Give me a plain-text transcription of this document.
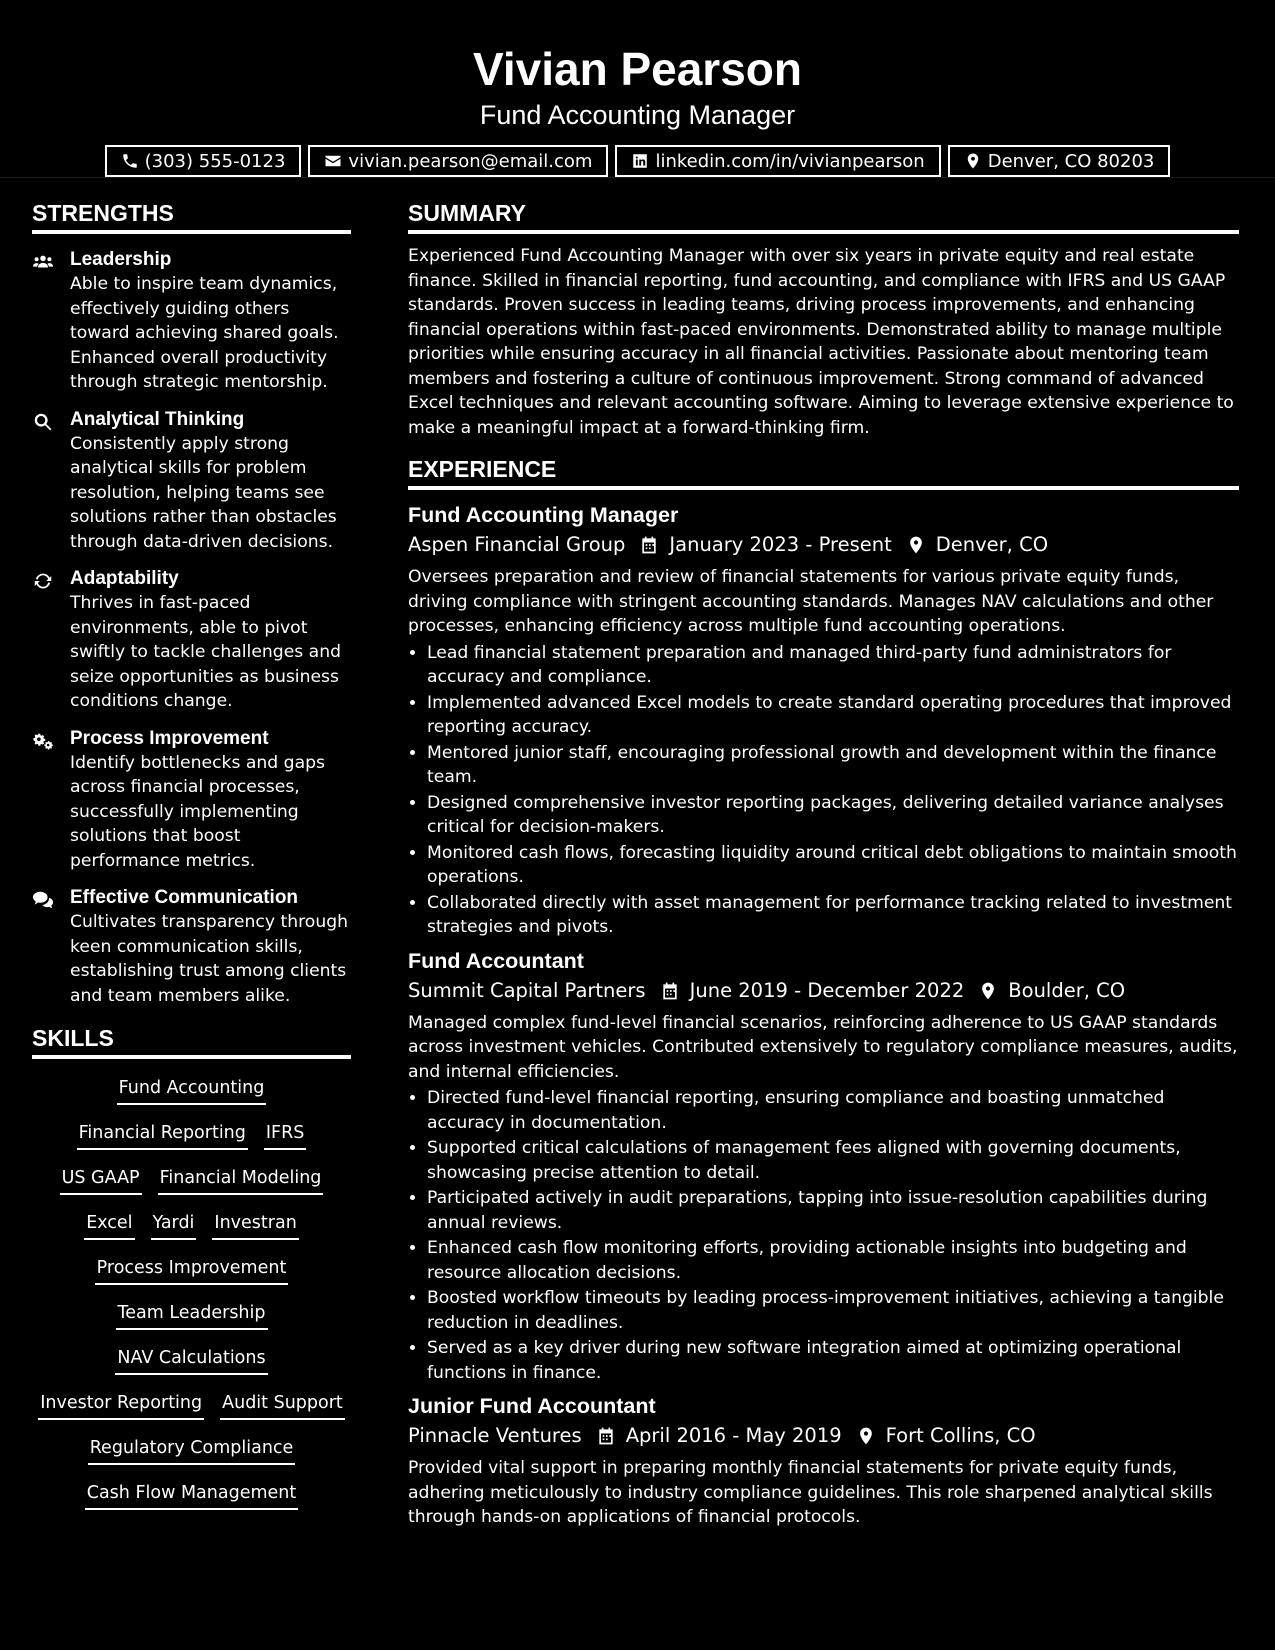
Vivian Pearson
Fund Accounting Manager
(303) 555-0123	vivian.pearson@email.com	linkedin.com/in/vivianpearson	Denver, CO 80203
STRENGTHS
Leadership
Able to inspire team dynamics, effectively guiding others toward achieving shared goals. Enhanced overall productivity through strategic mentorship.
Analytical Thinking
Consistently apply strong analytical skills for problem resolution, helping teams see solutions rather than obstacles through data-driven decisions.
Adaptability
Thrives in fast-paced environments, able to pivot swiftly to tackle challenges and seize opportunities as business conditions change.
Process Improvement
Identify bottlenecks and gaps across financial processes, successfully implementing solutions that boost performance metrics.
Effective Communication
Cultivates transparency through keen communication skills, establishing trust among clients and team members alike.
SKILLS
Fund Accounting
Financial Reporting IFRS
US GAAP Financial Modeling
Excel Yardi Investran
Process Improvement
Team Leadership
NAV Calculations
Investor Reporting Audit Support
Regulatory Compliance
Cash Flow Management
SUMMARY

Experienced Fund Accounting Manager with over six years in private equity and real estate finance. Skilled in financial reporting, fund accounting, and compliance with IFRS and US GAAP standards. Proven success in leading teams, driving process improvements, and enhancing financial operations within fast-paced environments. Demonstrated ability to manage multiple priorities while ensuring accuracy in all financial activities. Passionate about mentoring team members and fostering a culture of continuous improvement. Strong command of advanced Excel techniques and relevant accounting software. Aiming to leverage extensive experience to make a meaningful impact at a forward-thinking firm.

EXPERIENCE
Fund Accounting Manager
Aspen Financial Group January 2023 - Present Denver, CO

Oversees preparation and review of financial statements for various private equity funds, driving compliance with stringent accounting standards. Manages NAV calculations and other processes, enhancing efficiency across multiple fund accounting operations.

• Lead financial statement preparation and managed third-party fund administrators for accuracy and compliance.
• Implemented advanced Excel models to create standard operating procedures that improved reporting accuracy.
• Mentored junior staff, encouraging professional growth and development within the finance team.
• Designed comprehensive investor reporting packages, delivering detailed variance analyses critical for decision-makers.
• Monitored cash flows, forecasting liquidity around critical debt obligations to maintain smooth operations.
• Collaborated directly with asset management for performance tracking related to investment strategies and pivots.
Fund Accountant
Summit Capital Partners June 2019 - December 2022 Boulder, CO

Managed complex fund-level financial scenarios, reinforcing adherence to US GAAP standards across investment vehicles. Contributed extensively to regulatory compliance measures, audits, and internal efficiencies.

• Directed fund-level financial reporting, ensuring compliance and boasting unmatched accuracy in documentation.
• Supported critical calculations of management fees aligned with governing documents, showcasing precise attention to detail.
• Participated actively in audit preparations, tapping into issue-resolution capabilities during annual reviews.
• Enhanced cash flow monitoring efforts, providing actionable insights into budgeting and resource allocation decisions.
• Boosted workflow timeouts by leading process-improvement initiatives, achieving a tangible reduction in deadlines.
• Served as a key driver during new software integration aimed at optimizing operational functions in finance.
Junior Fund Accountant
Pinnacle Ventures April 2016 - May 2019 Fort Collins, CO

Provided vital support in preparing monthly financial statements for private equity funds, adhering meticulously to industry compliance guidelines. This role sharpened analytical skills through hands-on applications of financial protocols.
